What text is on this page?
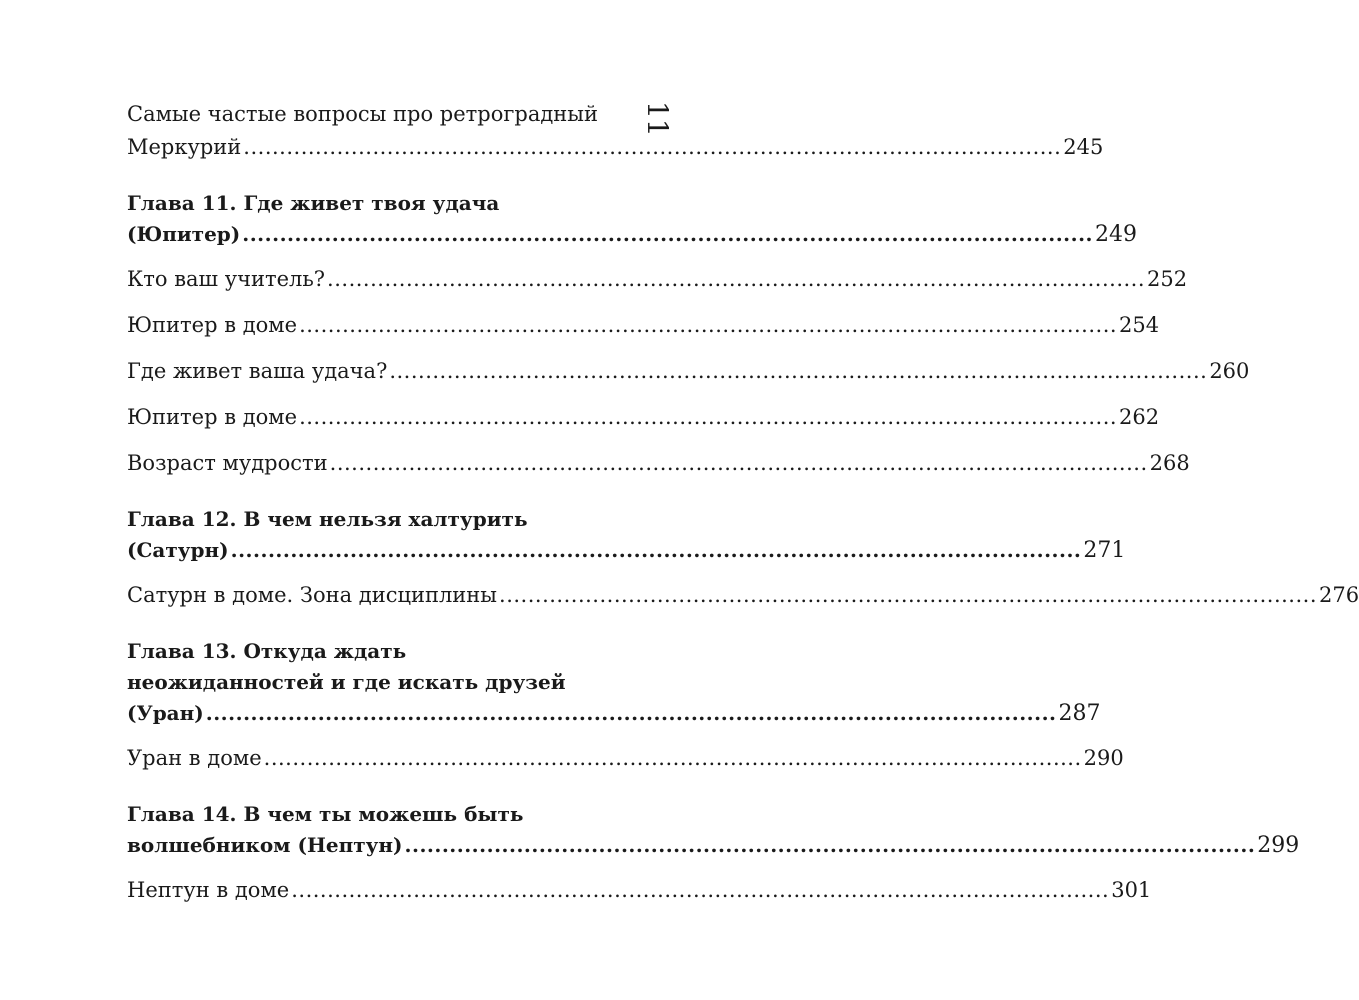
11
Самые частые вопросы про ретроградный
Меркурий .................................................................................................................. 245
Глава 11. Где живет твоя удача
(Юпитер) .................................................................................................................. 249
Кто ваш учитель? .................................................................................................................. 252
Юпитер в доме .................................................................................................................. 254
Где живет ваша удача? .................................................................................................................. 260
Юпитер в доме .................................................................................................................. 262
Возраст мудрости .................................................................................................................. 268
Глава 12. В чем нельзя халтурить
(Сатурн) .................................................................................................................. 271
Сатурн в доме. Зона дисциплины .................................................................................................................. 276
Глава 13. Откуда ждать
неожиданностей и где искать друзей
(Уран) .................................................................................................................. 287
Уран в доме .................................................................................................................. 290
Глава 14. В чем ты можешь быть
волшебником (Нептун) .................................................................................................................. 299
Нептун в доме .................................................................................................................. 301
